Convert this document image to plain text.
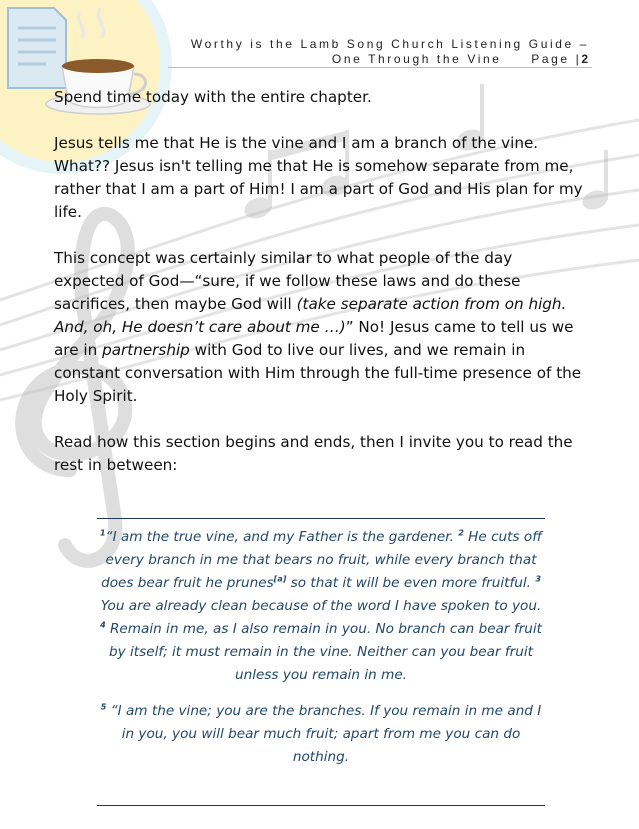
Worthy is the Lamb Song Church Listening Guide –
One Through the Vine Page |2

Spend time today with the entire chapter.

Jesus tells me that He is the vine and I am a branch of the vine. What?? Jesus isn't telling me that He is somehow separate from me, rather that I am a part of Him! I am a part of God and His plan for my life.

This concept was certainly similar to what people of the day expected of God—“sure, if we follow these laws and do these sacrifices, then maybe God will (take separate action from on high. And, oh, He doesn’t care about me …)” No! Jesus came to tell us we are in partnership with God to live our lives, and we remain in constant conversation with Him through the full-time presence of the Holy Spirit.

Read how this section begins and ends, then I invite you to read the rest in between:

$^1$“I am the true vine, and my Father is the gardener. $^2$ He cuts off every branch in me that bears no fruit, while every branch that does bear fruit he prunes[a] so that it will be even more fruitful. $^3$ You are already clean because of the word I have spoken to you. $^4$ Remain in me, as I also remain in you. No branch can bear fruit by itself; it must remain in the vine. Neither can you bear fruit unless you remain in me.

$^5$ “I am the vine; you are the branches. If you remain in me and I in you, you will bear much fruit; apart from me you can do nothing.
